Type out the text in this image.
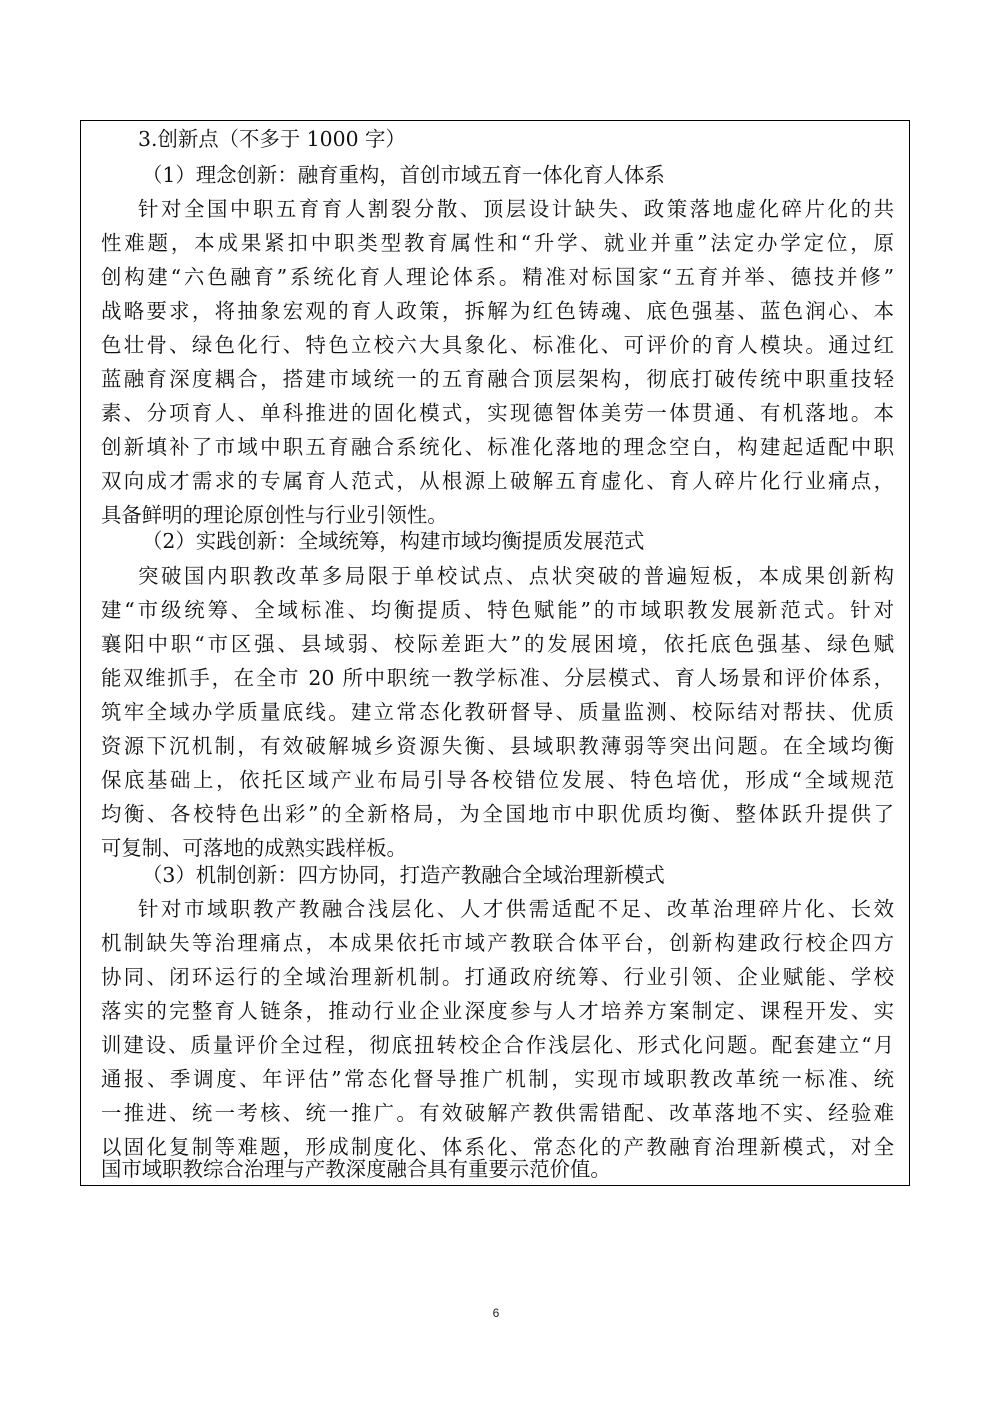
3.创新点（不多于 1000 字）
（1）理念创新：融育重构，首创市域五育一体化育人体系
针对全国中职五育育人割裂分散、顶层设计缺失、政策落地虚化碎片化的共
性难题，本成果紧扣中职类型教育属性和“升学、就业并重”法定办学定位，原
创构建“六色融育”系统化育人理论体系。精准对标国家“五育并举、德技并修”
战略要求，将抽象宏观的育人政策，拆解为红色铸魂、底色强基、蓝色润心、本
色壮骨、绿色化行、特色立校六大具象化、标准化、可评价的育人模块。通过红
蓝融育深度耦合，搭建市域统一的五育融合顶层架构，彻底打破传统中职重技轻
素、分项育人、单科推进的固化模式，实现德智体美劳一体贯通、有机落地。本
创新填补了市域中职五育融合系统化、标准化落地的理念空白，构建起适配中职
双向成才需求的专属育人范式，从根源上破解五育虚化、育人碎片化行业痛点，
具备鲜明的理论原创性与行业引领性。
（2）实践创新：全域统筹，构建市域均衡提质发展范式
突破国内职教改革多局限于单校试点、点状突破的普遍短板，本成果创新构
建“市级统筹、全域标准、均衡提质、特色赋能”的市域职教发展新范式。针对
襄阳中职“市区强、县域弱、校际差距大”的发展困境，依托底色强基、绿色赋
能双维抓手，在全市 20 所中职统一教学标准、分层模式、育人场景和评价体系，
筑牢全域办学质量底线。建立常态化教研督导、质量监测、校际结对帮扶、优质
资源下沉机制，有效破解城乡资源失衡、县域职教薄弱等突出问题。在全域均衡
保底基础上，依托区域产业布局引导各校错位发展、特色培优，形成“全域规范
均衡、各校特色出彩”的全新格局，为全国地市中职优质均衡、整体跃升提供了
可复制、可落地的成熟实践样板。
（3）机制创新：四方协同，打造产教融合全域治理新模式
针对市域职教产教融合浅层化、人才供需适配不足、改革治理碎片化、长效
机制缺失等治理痛点，本成果依托市域产教联合体平台，创新构建政行校企四方
协同、闭环运行的全域治理新机制。打通政府统筹、行业引领、企业赋能、学校
落实的完整育人链条，推动行业企业深度参与人才培养方案制定、课程开发、实
训建设、质量评价全过程，彻底扭转校企合作浅层化、形式化问题。配套建立“月
通报、季调度、年评估”常态化督导推广机制，实现市域职教改革统一标准、统
一推进、统一考核、统一推广。有效破解产教供需错配、改革落地不实、经验难
以固化复制等难题，形成制度化、体系化、常态化的产教融育治理新模式，对全
国市域职教综合治理与产教深度融合具有重要示范价值。
6
